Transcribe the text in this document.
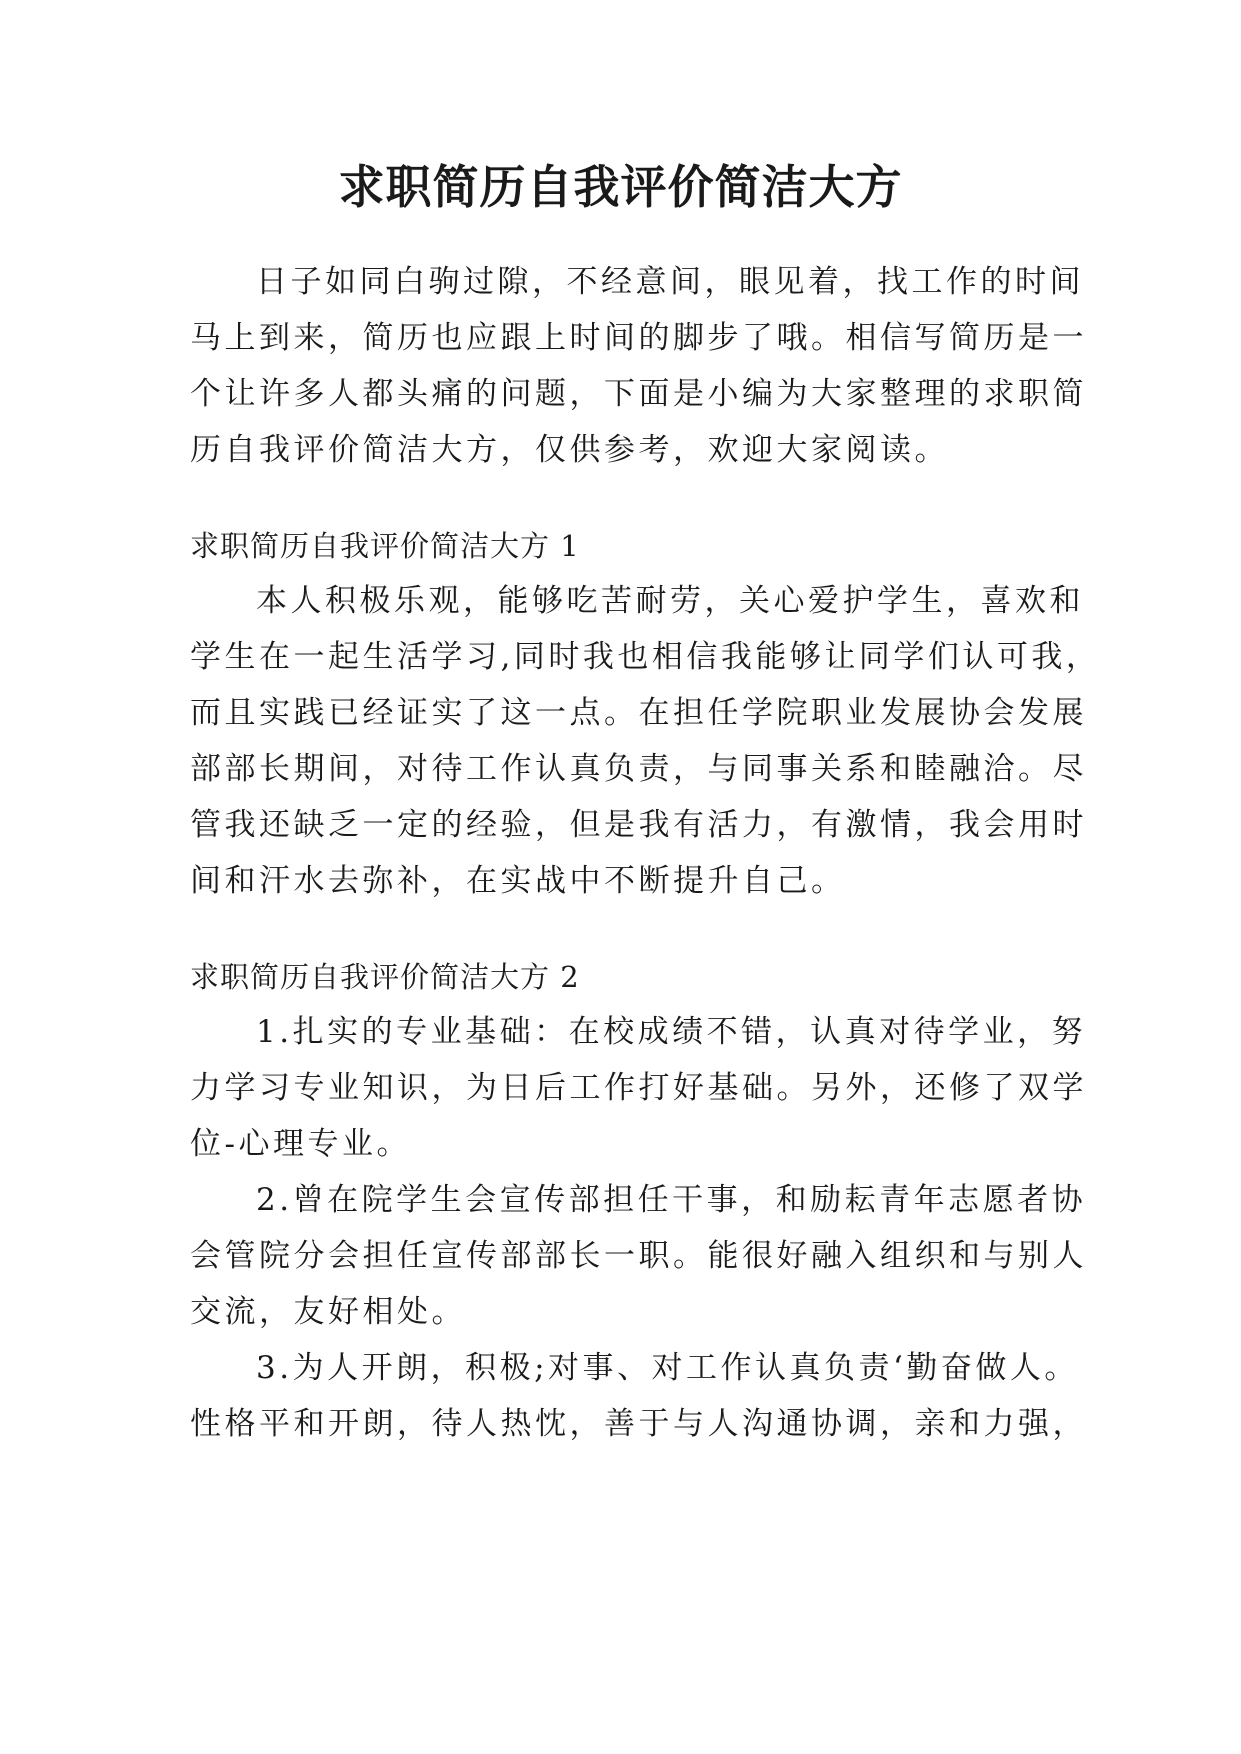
求职简历自我评价简洁大方
日子如同白驹过隙，不经意间，眼见着，找工作的时间
马上到来，简历也应跟上时间的脚步了哦。相信写简历是一
个让许多人都头痛的问题，下面是小编为大家整理的求职简
历自我评价简洁大方，仅供参考，欢迎大家阅读。
求职简历自我评价简洁大方 1
本人积极乐观，能够吃苦耐劳，关心爱护学生，喜欢和
学生在一起生活学习,同时我也相信我能够让同学们认可我，
而且实践已经证实了这一点。在担任学院职业发展协会发展
部部长期间，对待工作认真负责，与同事关系和睦融洽。尽
管我还缺乏一定的经验，但是我有活力，有激情，我会用时
间和汗水去弥补，在实战中不断提升自己。
求职简历自我评价简洁大方 2
1.扎实的专业基础：在校成绩不错，认真对待学业，努
力学习专业知识，为日后工作打好基础。另外，还修了双学
位-心理专业。
2.曾在院学生会宣传部担任干事，和励耘青年志愿者协
会管院分会担任宣传部部长一职。能很好融入组织和与别人
交流，友好相处。
3.为人开朗，积极;对事、对工作认真负责‘勤奋做人。
性格平和开朗，待人热忱，善于与人沟通协调，亲和力强，
